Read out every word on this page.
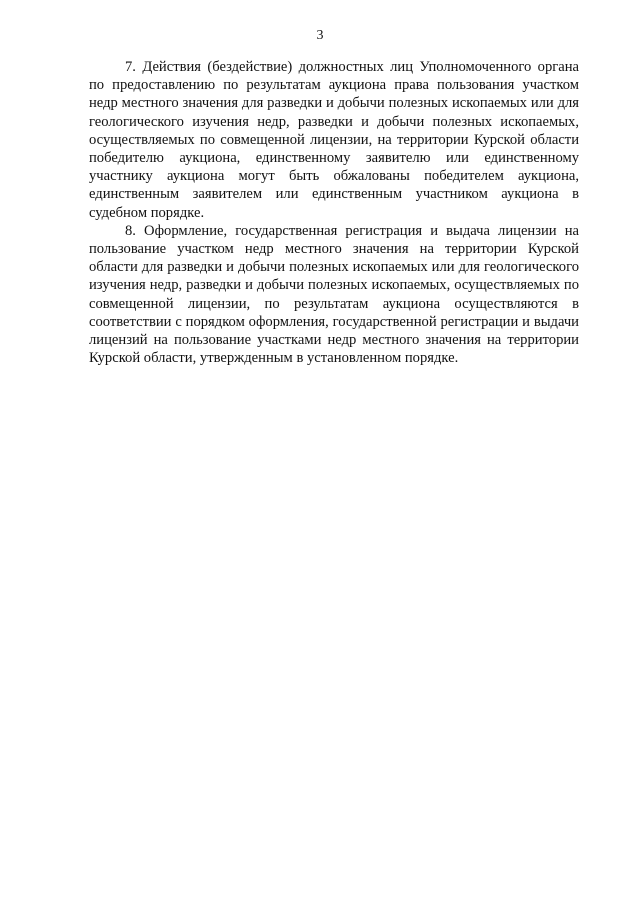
3

7. Действия (бездействие) должностных лиц Уполномоченного органа по предоставлению по результатам аукциона права пользования участком недр местного значения для разведки и добычи полезных ископаемых или для геологического изучения недр, разведки и добычи полезных ископаемых, осуществляемых по совмещенной лицензии, на территории Курской области победителю аукциона, единственному заявителю или единственному участнику аукциона могут быть обжалованы победителем аукциона, единственным заявителем или единственным участником аукциона в судебном порядке.

8. Оформление, государственная регистрация и выдача лицензии на пользование участком недр местного значения на территории Курской области для разведки и добычи полезных ископаемых или для геологического изучения недр, разведки и добычи полезных ископаемых, осуществляемых по совмещенной лицензии, по результатам аукциона осуществляются в соответствии с порядком оформления, государственной регистрации и выдачи лицензий на пользование участками недр местного значения на территории Курской области, утвержденным в установленном порядке.
